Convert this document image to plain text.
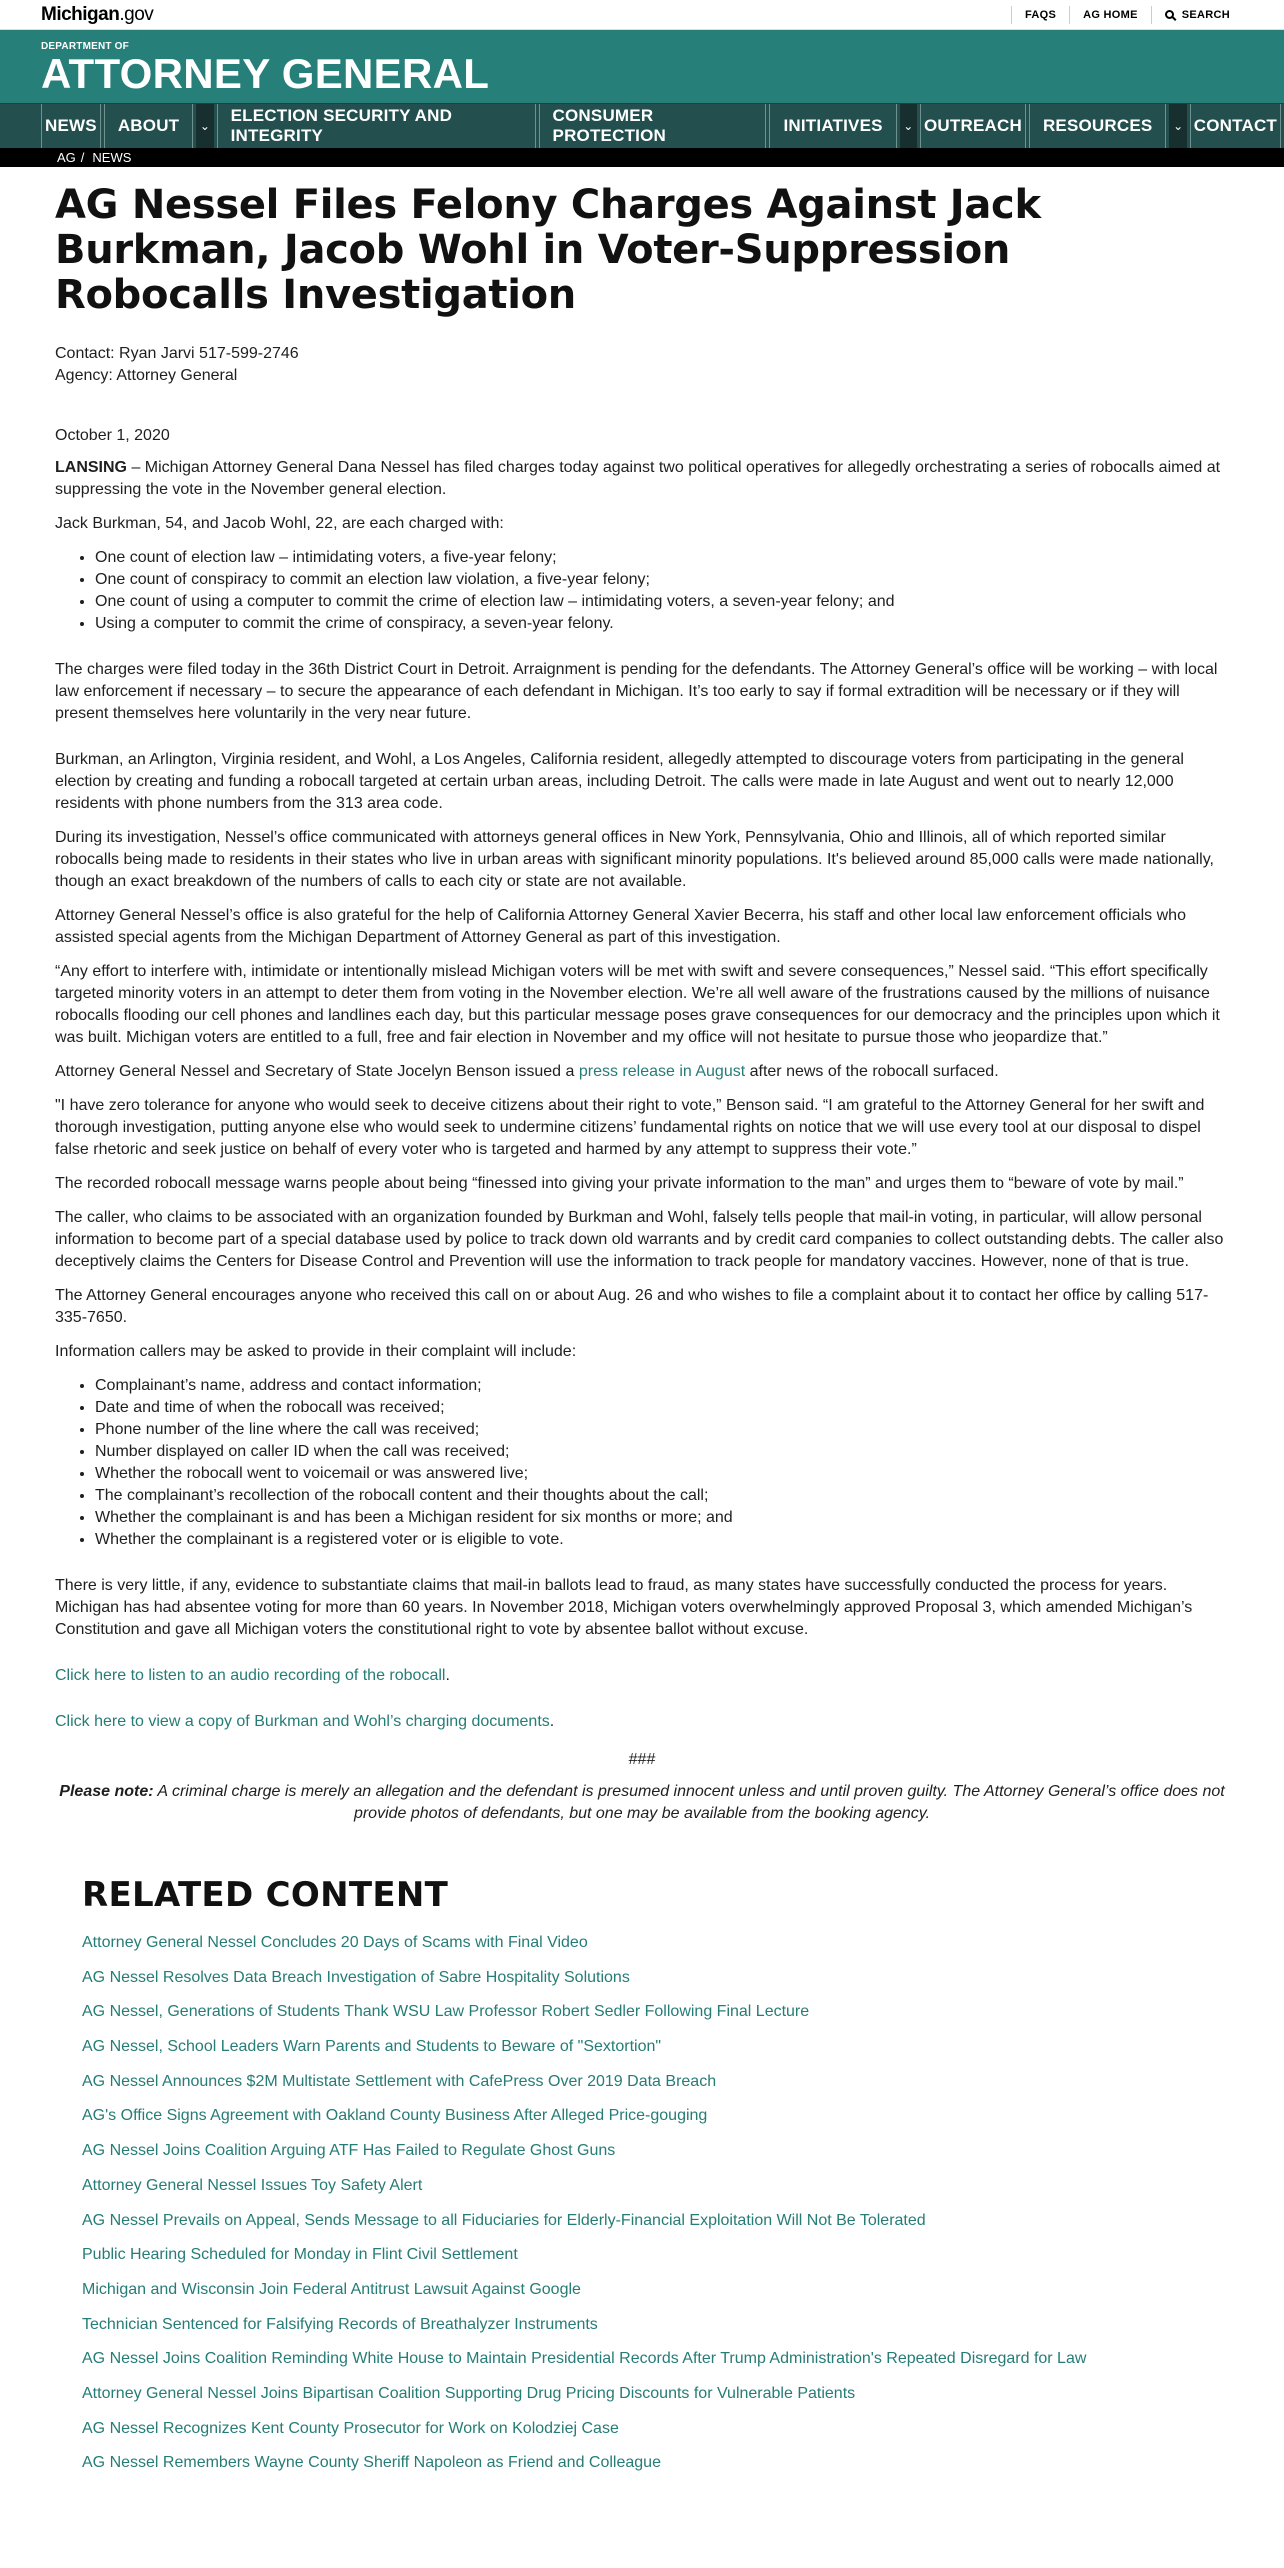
Michigan.gov	FAQS	AG HOME	SEARCH
DEPARTMENT OF
ATTORNEY GENERAL
NEWS	ABOUT	⌄
ELECTION SECURITY AND INTEGRITY
CONSUMER PROTECTION
INITIATIVES	⌄ OUTREACH	RESOURCES	⌄ CONTACT
AG / NEWS
AG Nessel Files Felony Charges Against Jack Burkman, Jacob Wohl in Voter-Suppression Robocalls Investigation
Contact: Ryan Jarvi 517-599-2746
Agency: Attorney General
October 1, 2020

LANSING – Michigan Attorney General Dana Nessel has filed charges today against two political operatives for allegedly orchestrating a series of robocalls aimed at suppressing the vote in the November general election.

Jack Burkman, 54, and Jacob Wohl, 22, are each charged with:

• One count of election law – intimidating voters, a five-year felony;
• One count of conspiracy to commit an election law violation, a five-year felony;
• One count of using a computer to commit the crime of election law – intimidating voters, a seven-year felony; and
• Using a computer to commit the crime of conspiracy, a seven-year felony.

The charges were filed today in the 36th District Court in Detroit. Arraignment is pending for the defendants. The Attorney General’s office will be working – with local law enforcement if necessary – to secure the appearance of each defendant in Michigan. It’s too early to say if formal extradition will be necessary or if they will present themselves here voluntarily in the very near future.

Burkman, an Arlington, Virginia resident, and Wohl, a Los Angeles, California resident, allegedly attempted to discourage voters from participating in the general election by creating and funding a robocall targeted at certain urban areas, including Detroit. The calls were made in late August and went out to nearly 12,000 residents with phone numbers from the 313 area code.

During its investigation, Nessel’s office communicated with attorneys general offices in New York, Pennsylvania, Ohio and Illinois, all of which reported similar robocalls being made to residents in their states who live in urban areas with significant minority populations. It's believed around 85,000 calls were made nationally, though an exact breakdown of the numbers of calls to each city or state are not available.

Attorney General Nessel’s office is also grateful for the help of California Attorney General Xavier Becerra, his staff and other local law enforcement officials who assisted special agents from the Michigan Department of Attorney General as part of this investigation.

“Any effort to interfere with, intimidate or intentionally mislead Michigan voters will be met with swift and severe consequences,” Nessel said. “This effort specifically targeted minority voters in an attempt to deter them from voting in the November election. We’re all well aware of the frustrations caused by the millions of nuisance robocalls flooding our cell phones and landlines each day, but this particular message poses grave consequences for our democracy and the principles upon which it was built. Michigan voters are entitled to a full, free and fair election in November and my office will not hesitate to pursue those who jeopardize that.”

Attorney General Nessel and Secretary of State Jocelyn Benson issued a press release in August after news of the robocall surfaced.

"I have zero tolerance for anyone who would seek to deceive citizens about their right to vote,” Benson said. “I am grateful to the Attorney General for her swift and thorough investigation, putting anyone else who would seek to undermine citizens’ fundamental rights on notice that we will use every tool at our disposal to dispel false rhetoric and seek justice on behalf of every voter who is targeted and harmed by any attempt to suppress their vote.”

The recorded robocall message warns people about being “finessed into giving your private information to the man” and urges them to “beware of vote by mail.”

The caller, who claims to be associated with an organization founded by Burkman and Wohl, falsely tells people that mail-in voting, in particular, will allow personal information to become part of a special database used by police to track down old warrants and by credit card companies to collect outstanding debts. The caller also deceptively claims the Centers for Disease Control and Prevention will use the information to track people for mandatory vaccines. However, none of that is true.

The Attorney General encourages anyone who received this call on or about Aug. 26 and who wishes to file a complaint about it to contact her office by calling 517-335-7650.

Information callers may be asked to provide in their complaint will include:

• Complainant’s name, address and contact information;
• Date and time of when the robocall was received;
• Phone number of the line where the call was received;
• Number displayed on caller ID when the call was received;
• Whether the robocall went to voicemail or was answered live;
• The complainant’s recollection of the robocall content and their thoughts about the call;
• Whether the complainant is and has been a Michigan resident for six months or more; and
• Whether the complainant is a registered voter or is eligible to vote.

There is very little, if any, evidence to substantiate claims that mail-in ballots lead to fraud, as many states have successfully conducted the process for years. Michigan has had absentee voting for more than 60 years. In November 2018, Michigan voters overwhelmingly approved Proposal 3, which amended Michigan’s Constitution and gave all Michigan voters the constitutional right to vote by absentee ballot without excuse.

Click here to listen to an audio recording of the robocall.

Click here to view a copy of Burkman and Wohl’s charging documents.

###

Please note: A criminal charge is merely an allegation and the defendant is presumed innocent unless and until proven guilty. The Attorney General’s office does not provide photos of defendants, but one may be available from the booking agency.

RELATED CONTENT
Attorney General Nessel Concludes 20 Days of Scams with Final Video
AG Nessel Resolves Data Breach Investigation of Sabre Hospitality Solutions
AG Nessel, Generations of Students Thank WSU Law Professor Robert Sedler Following Final Lecture
AG Nessel, School Leaders Warn Parents and Students to Beware of "Sextortion"
AG Nessel Announces $2M Multistate Settlement with CafePress Over 2019 Data Breach
AG's Office Signs Agreement with Oakland County Business After Alleged Price-gouging
AG Nessel Joins Coalition Arguing ATF Has Failed to Regulate Ghost Guns
Attorney General Nessel Issues Toy Safety Alert
AG Nessel Prevails on Appeal, Sends Message to all Fiduciaries for Elderly-Financial Exploitation Will Not Be Tolerated
Public Hearing Scheduled for Monday in Flint Civil Settlement
Michigan and Wisconsin Join Federal Antitrust Lawsuit Against Google
Technician Sentenced for Falsifying Records of Breathalyzer Instruments
AG Nessel Joins Coalition Reminding White House to Maintain Presidential Records After Trump Administration's Repeated Disregard for Law
Attorney General Nessel Joins Bipartisan Coalition Supporting Drug Pricing Discounts for Vulnerable Patients
AG Nessel Recognizes Kent County Prosecutor for Work on Kolodziej Case
AG Nessel Remembers Wayne County Sheriff Napoleon as Friend and Colleague
